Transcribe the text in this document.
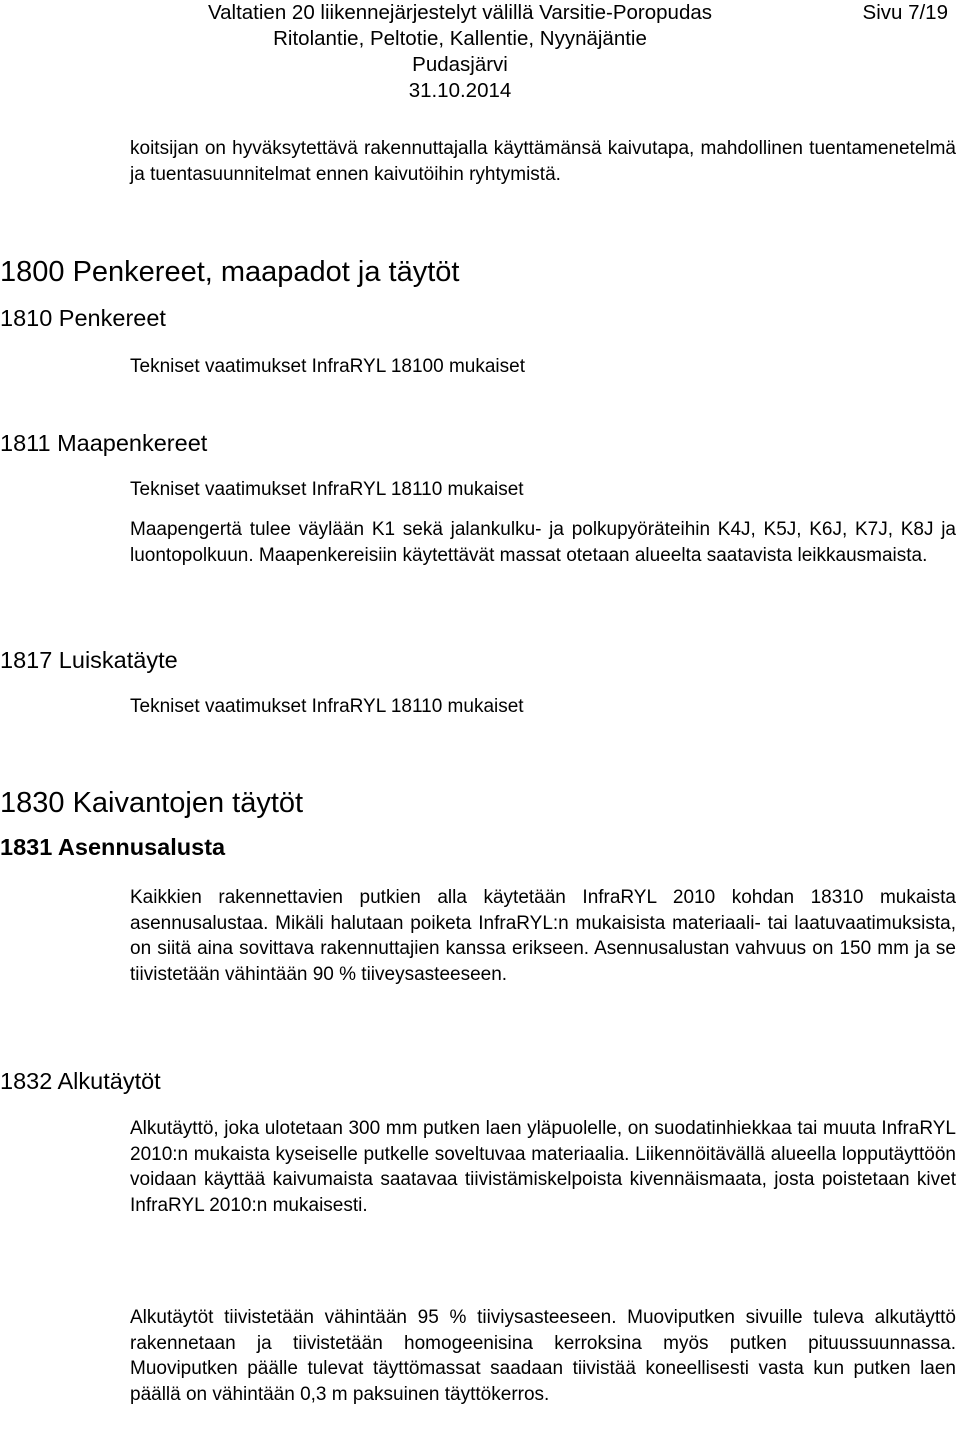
Valtatien 20 liikennejärjestelyt välillä Varsitie-Poropudas
Ritolantie, Peltotie, Kallentie, Nyynäjäntie
Pudasjärvi
31.10.2014
Sivu 7/19

koitsijan on hyväksytettävä rakennuttajalla käyttämänsä kaivutapa, mahdollinen tuentamenetelmä ja tuentasuunnitelmat ennen kaivutöihin ryhtymistä.

1800 Penkereet, maapadot ja täytöt
1810 Penkereet
Tekniset vaatimukset InfraRYL 18100 mukaiset
1811 Maapenkereet
Tekniset vaatimukset InfraRYL 18110 mukaiset

Maapengertä tulee väylään K1 sekä jalankulku- ja polkupyöräteihin K4J, K5J, K6J, K7J, K8J ja luontopolkuun. Maapenkereisiin käytettävät massat otetaan alueelta saatavista leikkausmaista.

1817 Luiskatäyte
Tekniset vaatimukset InfraRYL 18110 mukaiset
1830 Kaivantojen täytöt
1831 Asennusalusta

Kaikkien rakennettavien putkien alla käytetään InfraRYL 2010 kohdan 18310 mukaista asennusalustaa. Mikäli halutaan poiketa InfraRYL:n mukaisista materiaali- tai laatuvaatimuksista, on siitä aina sovittava rakennuttajien kanssa erikseen. Asennusalustan vahvuus on 150 mm ja se tiivistetään vähintään 90 % tiiveysasteeseen.

1832 Alkutäytöt

Alkutäyttö, joka ulotetaan 300 mm putken laen yläpuolelle, on suodatinhiekkaa tai muuta InfraRYL 2010:n mukaista kyseiselle putkelle soveltuvaa materiaalia. Liikennöitävällä alueella lopputäyttöön voidaan käyttää kaivumaista saatavaa tiivistämiskelpoista kivennäismaata, josta poistetaan kivet InfraRYL 2010:n mukaisesti.

Alkutäytöt tiivistetään vähintään 95 % tiiviysasteeseen. Muoviputken sivuille tuleva alkutäyttö rakennetaan ja tiivistetään homogeenisina kerroksina myös putken pituussuunnassa. Muoviputken päälle tulevat täyttömassat saadaan tiivistää koneellisesti vasta kun putken laen päällä on vähintään 0,3 m paksuinen täyttökerros.
